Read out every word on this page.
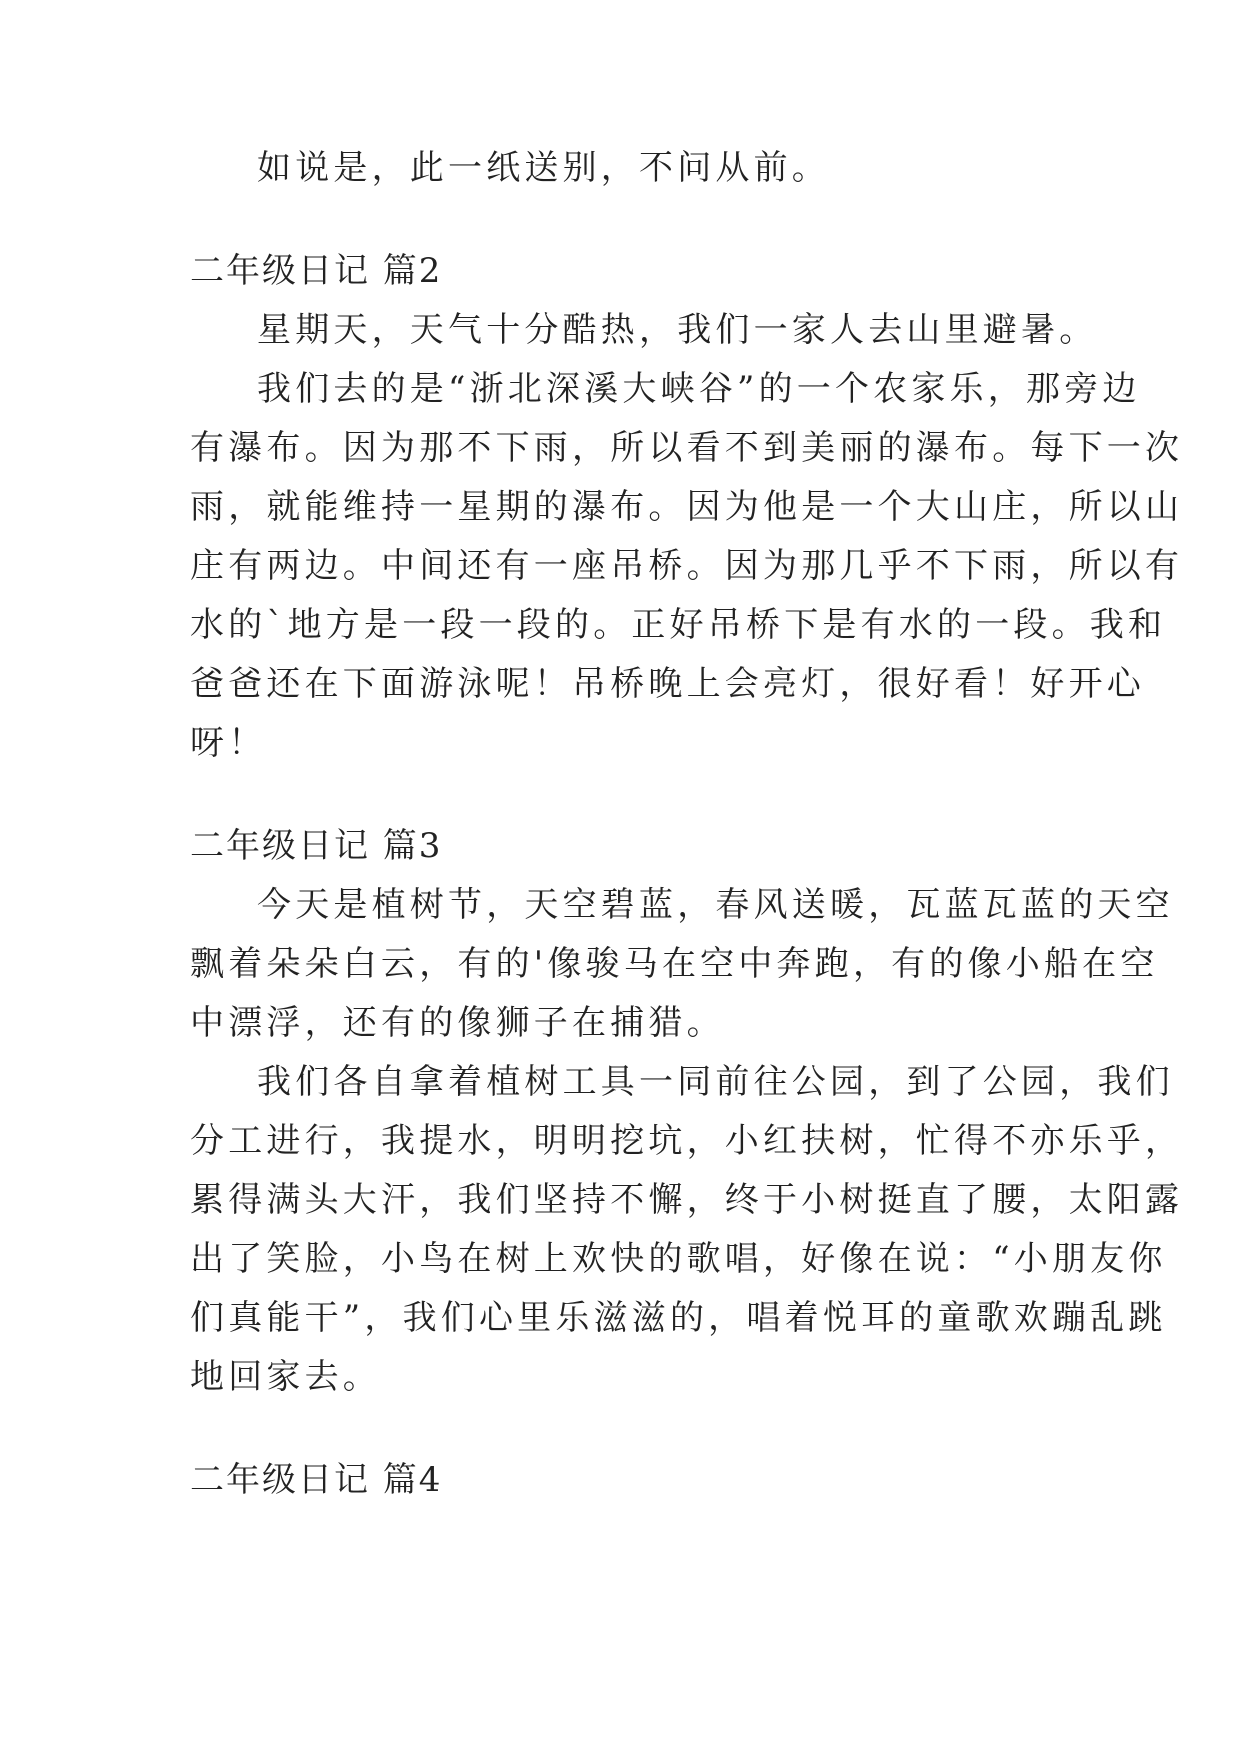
如说是，此一纸送别，不问从前。
二年级日记 篇2
星期天，天气十分酷热，我们一家人去山里避暑。
我们去的是“浙北深溪大峡谷”的一个农家乐，那旁边
有瀑布。因为那不下雨，所以看不到美丽的瀑布。每下一次
雨，就能维持一星期的瀑布。因为他是一个大山庄，所以山
庄有两边。中间还有一座吊桥。因为那几乎不下雨，所以有
水的`地方是一段一段的。正好吊桥下是有水的一段。我和
爸爸还在下面游泳呢！吊桥晚上会亮灯，很好看！好开心
呀！
二年级日记 篇3
今天是植树节，天空碧蓝，春风送暖，瓦蓝瓦蓝的天空
飘着朵朵白云，有的'像骏马在空中奔跑，有的像小船在空
中漂浮，还有的像狮子在捕猎。
我们各自拿着植树工具一同前往公园，到了公园，我们
分工进行，我提水，明明挖坑，小红扶树，忙得不亦乐乎，
累得满头大汗，我们坚持不懈，终于小树挺直了腰，太阳露
出了笑脸，小鸟在树上欢快的歌唱，好像在说：“小朋友你
们真能干”，我们心里乐滋滋的，唱着悦耳的童歌欢蹦乱跳
地回家去。
二年级日记 篇4
